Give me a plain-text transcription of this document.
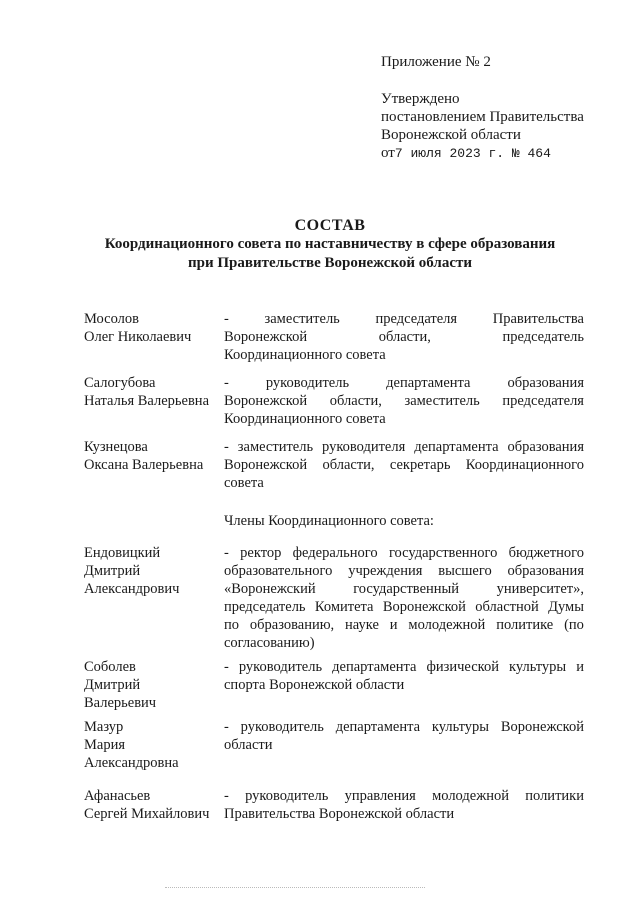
Приложение № 2
Утверждено
постановлением Правительства
Воронежской области
от7 июля 2023 г. № 464
СОСТАВ
Координационного совета по наставничеству в сфере образования
при Правительстве Воронежской области
Мосолов
Олег Николаевич
- заместитель председателя Правительства
Воронежской	области,	председатель
Координационного совета
Салогубова
Наталья Валерьевна
-	руководитель	департамента	образования
Воронежской области, заместитель председателя
Координационного совета
Кузнецова
Оксана Валерьевна
- заместитель руководителя департамента образования
Воронежской области, секретарь Координационного
совета
Члены Координационного совета:
Ендовицкий
Дмитрий
Александрович
- ректор федерального государственного бюджетного
образовательного учреждения высшего образования
«Воронежский	государственный	университет»,
председатель Комитета Воронежской областной Думы
по образованию, науке и молодежной политике (по
согласованию)
Соболев
Дмитрий
Валерьевич
- руководитель департамента физической культуры и
спорта Воронежской области
Мазур
Мария
Александровна
- руководитель департамента культуры Воронежской
области
Афанасьев
Сергей Михайлович
- руководитель управления молодежной политики
Правительства Воронежской области
